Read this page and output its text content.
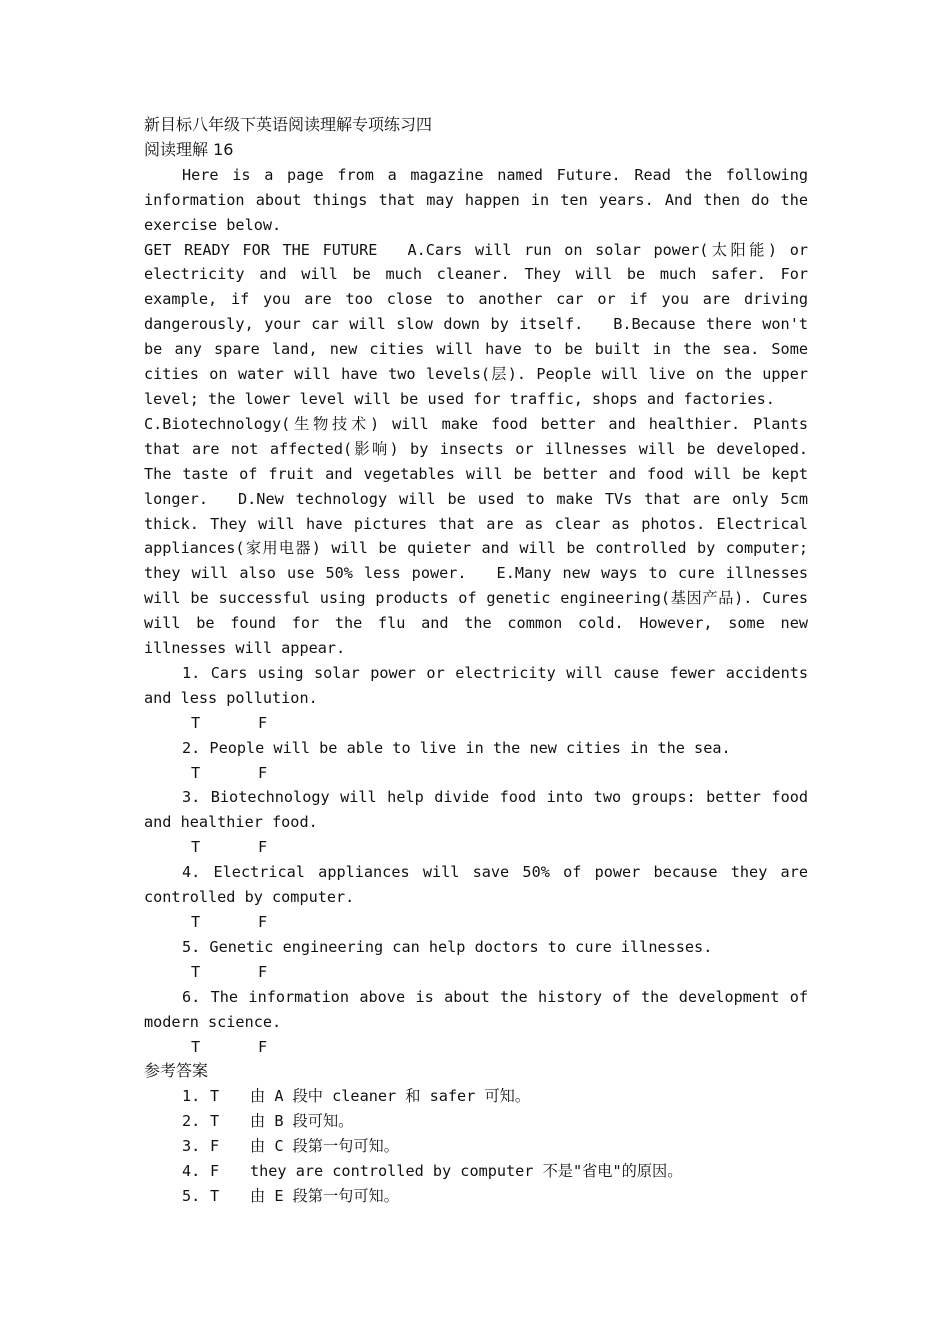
新目标八年级下英语阅读理解专项练习四

阅读理解 16

Here is a page from a magazine named Future. Read the following information about things that may happen in ten years. And then do the exercise below.

GET READY FOR THE FUTURE A.Cars will run on solar power(太阳能) or electricity and will be much cleaner. They will be much safer. For example, if you are too close to another car or if you are driving dangerously, your car will slow down by itself. B.Because there won't be any spare land, new cities will have to be built in the sea. Some cities on water will have two levels(层). People will live on the upper level; the lower level will be used for traffic, shops and factories.

C.Biotechnology(生物技术) will make food better and healthier. Plants that are not affected(影响) by insects or illnesses will be developed. The taste of fruit and vegetables will be better and food will be kept longer. D.New technology will be used to make TVs that are only 5cm thick. They will have pictures that are as clear as photos. Electrical appliances(家用电器) will be quieter and will be controlled by computer; they will also use 50% less power. E.Many new ways to cure illnesses will be successful using products of genetic engineering(基因产品). Cures will be found for the flu and the common cold. However, some new illnesses will appear.

1. Cars using solar power or electricity will cause fewer accidents and less pollution.

T	F

2. People will be able to live in the new cities in the sea.

T	F

3. Biotechnology will help divide food into two groups: better food and healthier food.

T	F

4. Electrical appliances will save 50% of power because they are controlled by computer.

T	F

5. Genetic engineering can help doctors to cure illnesses.

T	F

6. The information above is about the history of the development of modern science.

T	F

参考答案

1. T 由 A 段中 cleaner 和 safer 可知。

2. T 由 B 段可知。

3. F 由 C 段第一句可知。

4. F they are controlled by computer 不是"省电"的原因。

5. T 由 E 段第一句可知。
